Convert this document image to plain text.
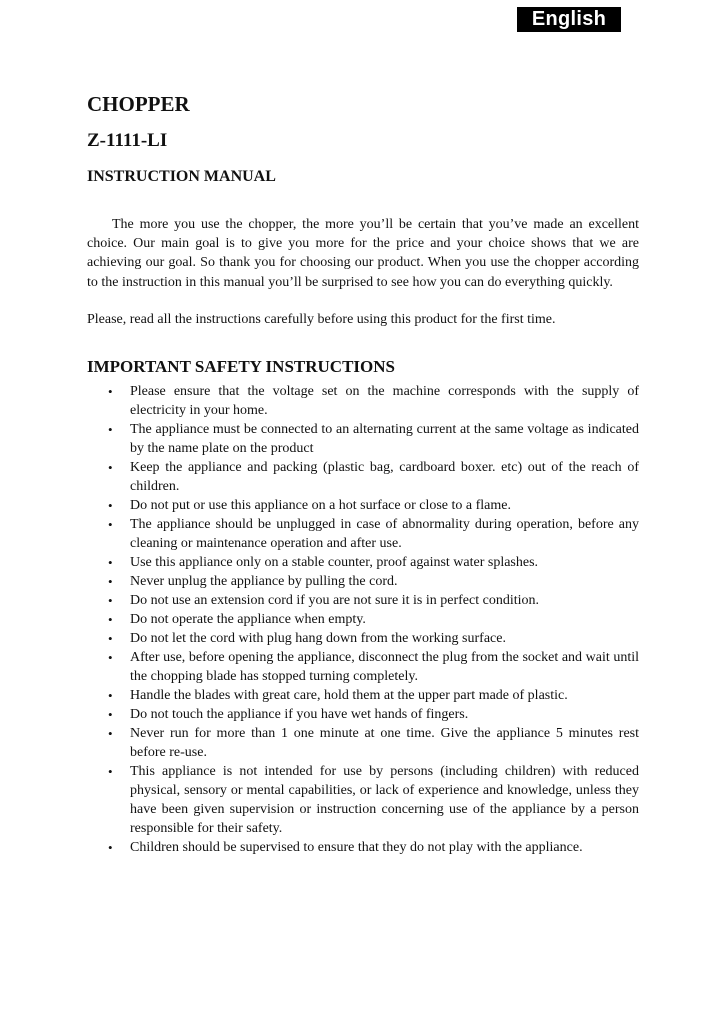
English
CHOPPER
Z-1111-LI
INSTRUCTION MANUAL

The more you use the chopper, the more you’ll be certain that you’ve made an excellent choice. Our main goal is to give you more for the price and your choice shows that we are achieving our goal. So thank you for choosing our product. When you use the chopper according to the instruction in this manual you’ll be surprised to see how you can do everything quickly.

Please, read all the instructions carefully before using this product for the first time.

IMPORTANT SAFETY INSTRUCTIONS
• Please ensure that the voltage set on the machine corresponds with the supply of electricity in your home.
• The appliance must be connected to an alternating current at the same voltage as indicated by the name plate on the product
• Keep the appliance and packing (plastic bag, cardboard boxer. etc) out of the reach of children.
• Do not put or use this appliance on a hot surface or close to a flame.
• The appliance should be unplugged in case of abnormality during operation, before any cleaning or maintenance operation and after use.
• Use this appliance only on a stable counter, proof against water splashes.
• Never unplug the appliance by pulling the cord.
• Do not use an extension cord if you are not sure it is in perfect condition.
• Do not operate the appliance when empty.
• Do not let the cord with plug hang down from the working surface.
• After use, before opening the appliance, disconnect the plug from the socket and wait until the chopping blade has stopped turning completely.
• Handle the blades with great care, hold them at the upper part made of plastic.
• Do not touch the appliance if you have wet hands of fingers.
• Never run for more than 1 one minute at one time. Give the appliance 5 minutes rest before re-use.
• This appliance is not intended for use by persons (including children) with reduced physical, sensory or mental capabilities, or lack of experience and knowledge, unless they have been given supervision or instruction concerning use of the appliance by a person responsible for their safety.
• Children should be supervised to ensure that they do not play with the appliance.
